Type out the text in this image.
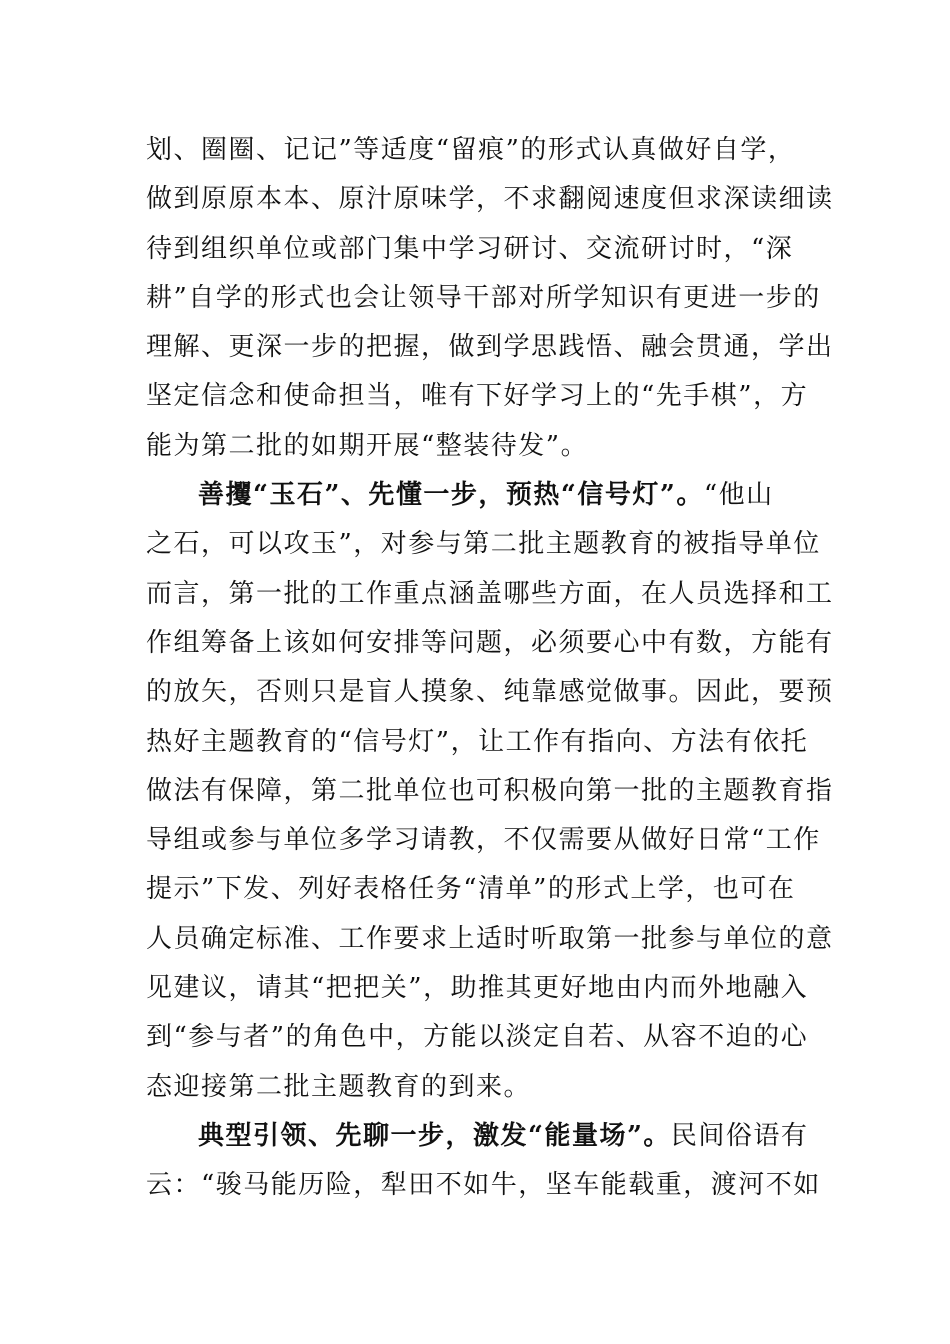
划、圈圈、记记”等适度“留痕”的形式认真做好自学，
做到原原本本、原汁原味学，不求翻阅速度但求深读细读
待到组织单位或部门集中学习研讨、交流研讨时，“深
耕”自学的形式也会让领导干部对所学知识有更进一步的
理解、更深一步的把握，做到学思践悟、融会贯通，学出
坚定信念和使命担当，唯有下好学习上的“先手棋”，方
能为第二批的如期开展“整装待发”。
善攫“玉石”、先懂一步，预热“信号灯”。“他山
之石，可以攻玉”，对参与第二批主题教育的被指导单位
而言，第一批的工作重点涵盖哪些方面，在人员选择和工
作组筹备上该如何安排等问题，必须要心中有数，方能有
的放矢，否则只是盲人摸象、纯靠感觉做事。因此，要预
热好主题教育的“信号灯”，让工作有指向、方法有依托
做法有保障，第二批单位也可积极向第一批的主题教育指
导组或参与单位多学习请教，不仅需要从做好日常“工作
提示”下发、列好表格任务“清单”的形式上学，也可在
人员确定标准、工作要求上适时听取第一批参与单位的意
见建议，请其“把把关”，助推其更好地由内而外地融入
到“参与者”的角色中，方能以淡定自若、从容不迫的心
态迎接第二批主题教育的到来。
典型引领、先聊一步，激发“能量场”。民间俗语有
云：“骏马能历险，犁田不如牛，坚车能载重，渡河不如
